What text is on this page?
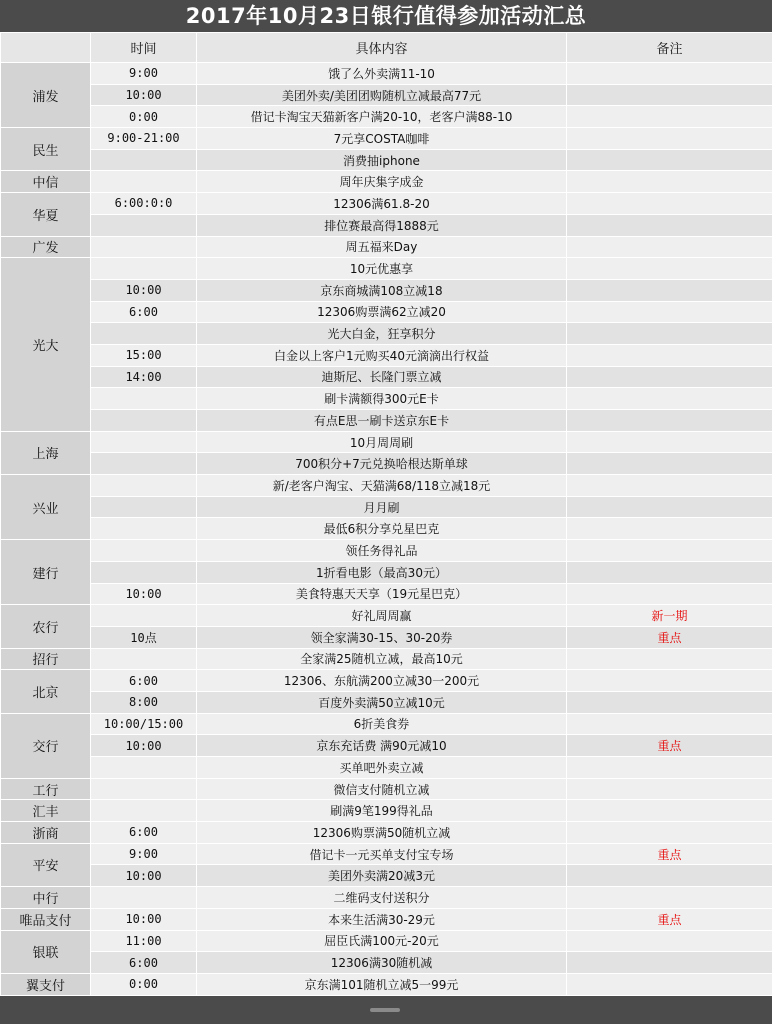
2017年10月23日银行值得参加活动汇总
	时间	具体内容	备注
浦发	9:00	饿了么外卖满11-10	
	10:00	美团外卖/美团团购随机立减最高77元	
	0:00	借记卡淘宝天猫新客户满20-10，老客户满88-10	
民生	9:00-21:00	7元享COSTA咖啡	
		消费抽iphone	
中信		周年庆集字成金	
华夏	6:00:0:0	12306满61.8-20	
		排位赛最高得1888元	
广发		周五福来Day	
光大		10元优惠享	
	10:00	京东商城满108立减18	
	6:00	12306购票满62立减20	
		光大白金，狂享积分	
	15:00	白金以上客户1元购买40元滴滴出行权益	
	14:00	迪斯尼、长隆门票立减	
		刷卡满额得300元E卡	
		有点E思一刷卡送京东E卡	
上海		10月周周刷	
		700积分+7元兑换哈根达斯单球	
兴业		新/老客户淘宝、天猫满68/118立减18元	
		月月刷	
		最低6积分享兑星巴克	
建行		领任务得礼品	
		1折看电影（最高30元）	
	10:00	美食特惠天天享（19元星巴克）	
农行		好礼周周赢	新一期
	10点	领全家满30-15、30-20券	重点
招行		全家满25随机立减，最高10元	
北京	6:00	12306、东航满200立减30一200元	
	8:00	百度外卖满50立减10元	
交行	10:00/15:00	6折美食券	
	10:00	京东充话费 满90元减10	重点
		买单吧外卖立减	
工行		微信支付随机立减	
汇丰		刷满9笔199得礼品	
浙商	6:00	12306购票满50随机立减	
平安	9:00	借记卡一元买单支付宝专场	重点
	10:00	美团外卖满20减3元	
中行		二维码支付送积分	
唯品支付	10:00	本来生活满30-29元	重点
银联	11:00	屈臣氏满100元-20元	
	6:00	12306满30随机减	
翼支付	0:00	京东满101随机立减5一99元	
